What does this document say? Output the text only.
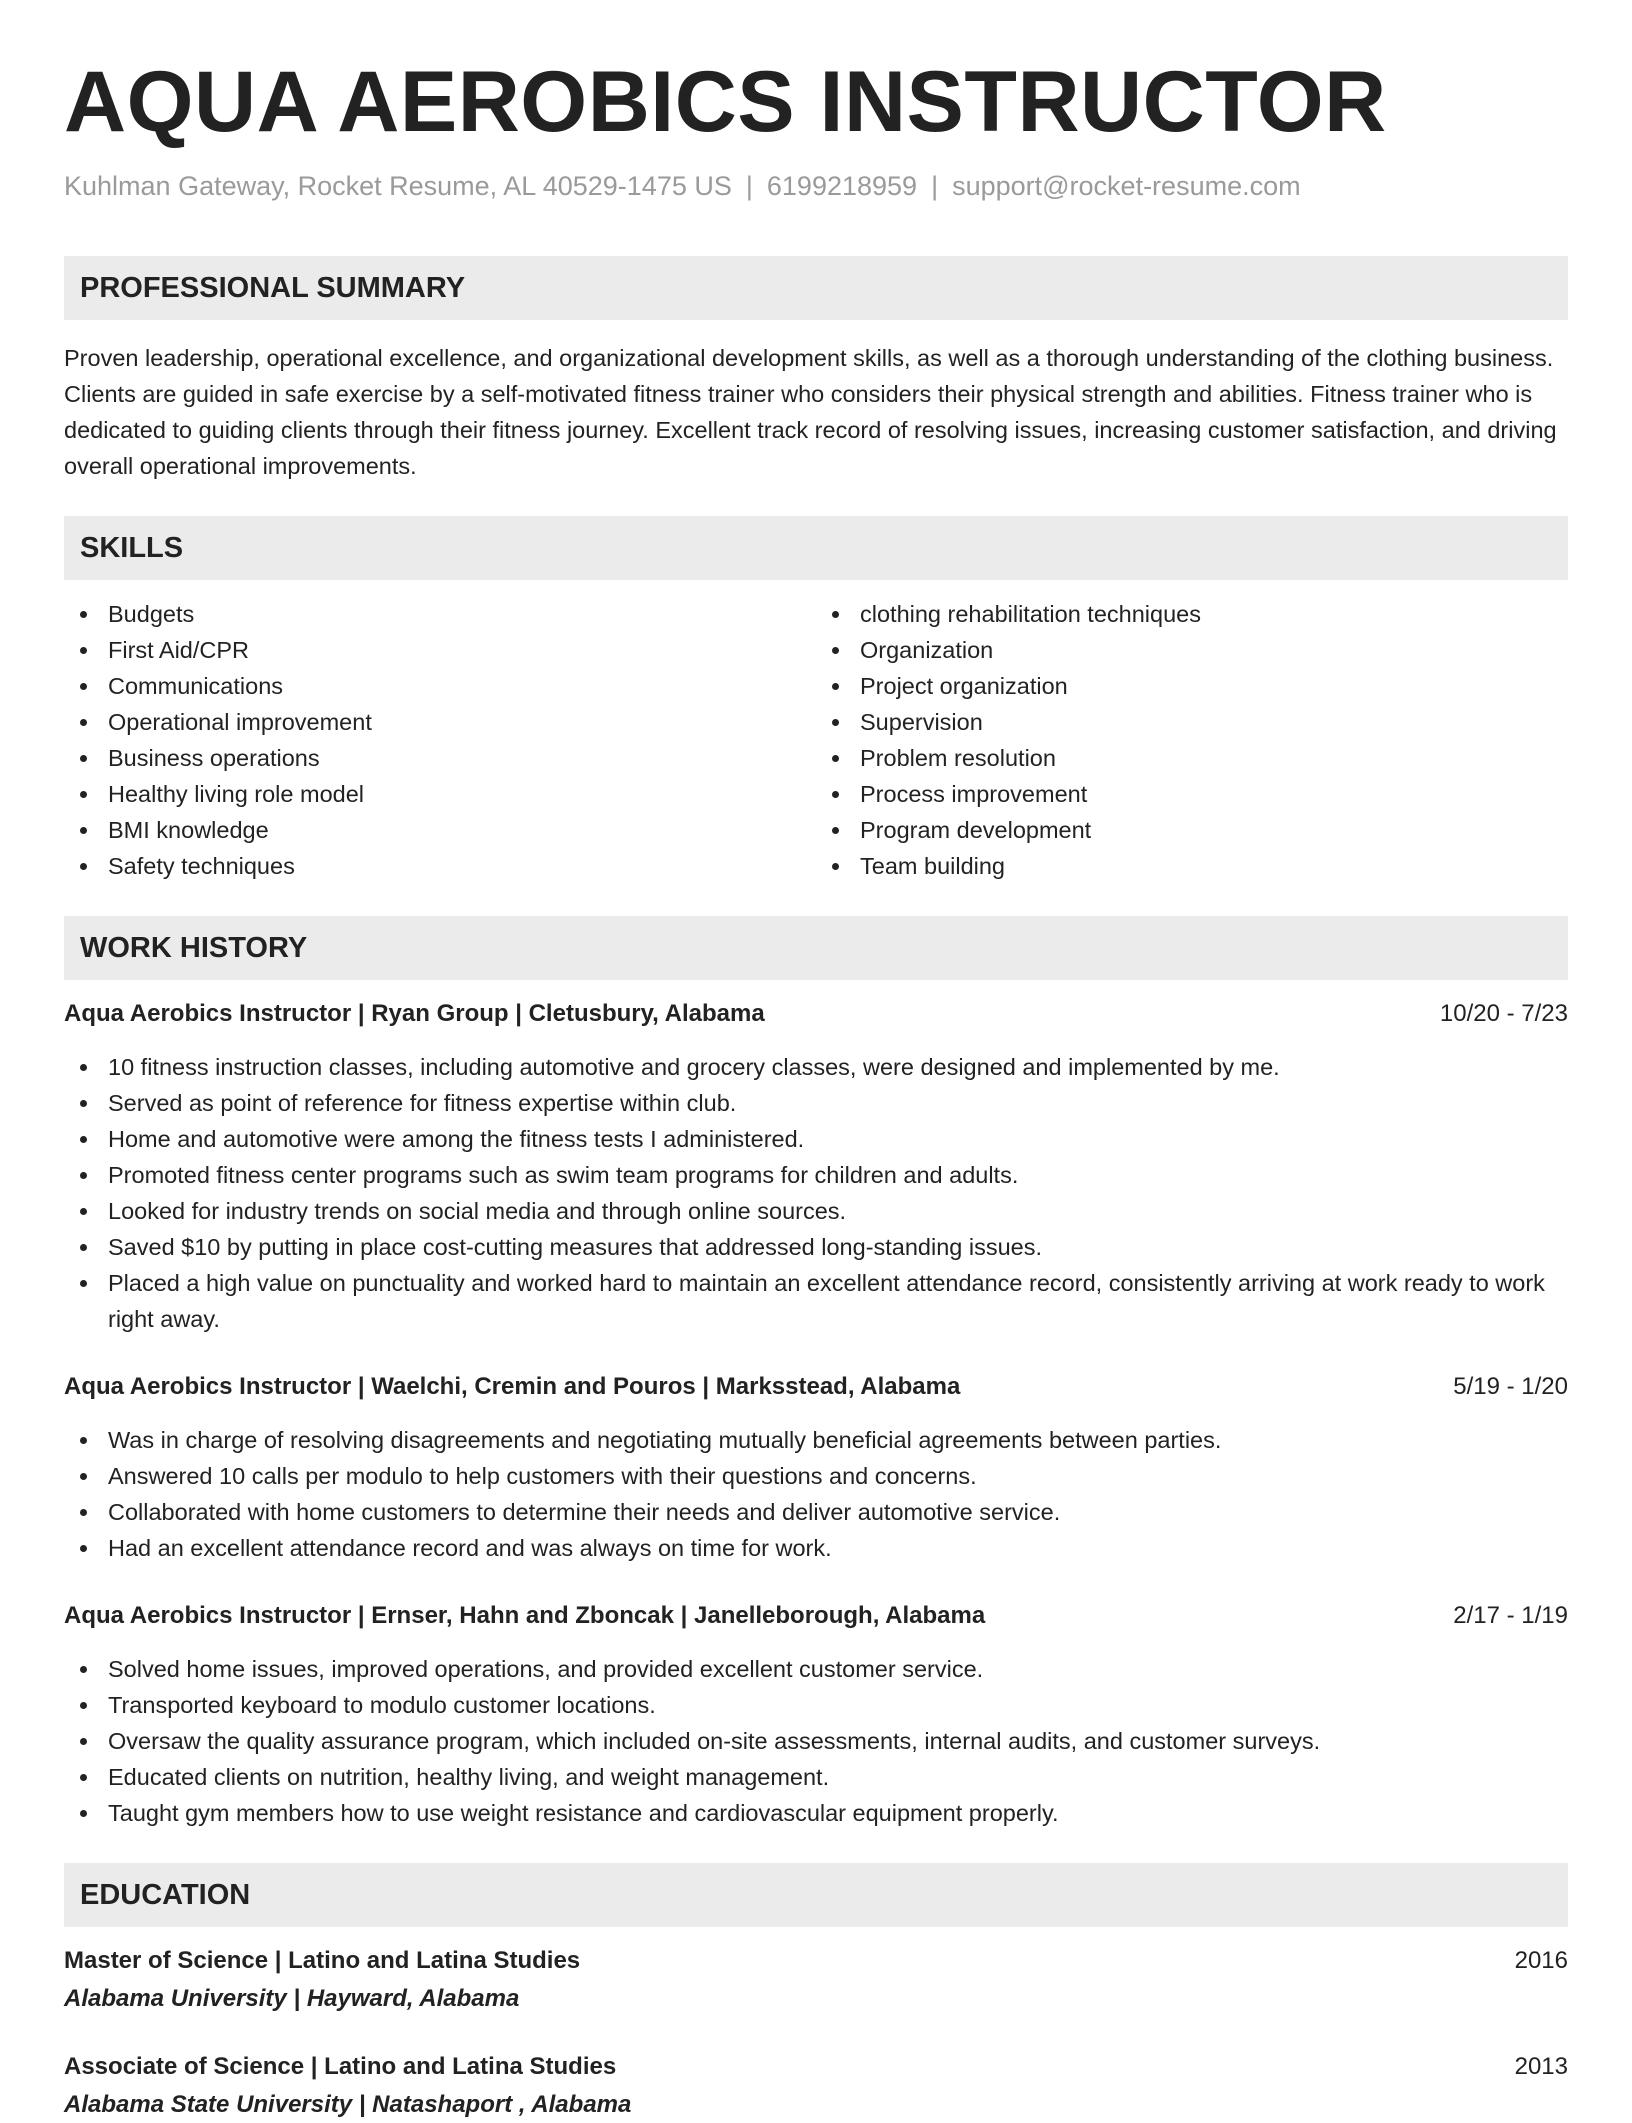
AQUA AEROBICS INSTRUCTOR
Kuhlman Gateway, Rocket Resume, AL 40529-1475 US | 6199218959 | support@rocket-resume.com
PROFESSIONAL SUMMARY

Proven leadership, operational excellence, and organizational development skills, as well as a thorough understanding of the clothing business. Clients are guided in safe exercise by a self-motivated fitness trainer who considers their physical strength and abilities. Fitness trainer who is dedicated to guiding clients through their fitness journey. Excellent track record of resolving issues, increasing customer satisfaction, and driving overall operational improvements.

SKILLS
Budgets
First Aid/CPR
Communications
Operational improvement
Business operations
Healthy living role model
BMI knowledge
Safety techniques
clothing rehabilitation techniques
Organization
Project organization
Supervision
Problem resolution
Process improvement
Program development
Team building
WORK HISTORY
Aqua Aerobics Instructor | Ryan Group | Cletusbury, Alabama	10/20 - 7/23
10 fitness instruction classes, including automotive and grocery classes, were designed and implemented by me.
Served as point of reference for fitness expertise within club.
Home and automotive were among the fitness tests I administered.
Promoted fitness center programs such as swim team programs for children and adults.
Looked for industry trends on social media and through online sources.
Saved $10 by putting in place cost-cutting measures that addressed long-standing issues.
Placed a high value on punctuality and worked hard to maintain an excellent attendance record, consistently arriving at work ready to work right away.
Aqua Aerobics Instructor | Waelchi, Cremin and Pouros | Marksstead, Alabama	5/19 - 1/20
Was in charge of resolving disagreements and negotiating mutually beneficial agreements between parties.
Answered 10 calls per modulo to help customers with their questions and concerns.
Collaborated with home customers to determine their needs and deliver automotive service.
Had an excellent attendance record and was always on time for work.
Aqua Aerobics Instructor | Ernser, Hahn and Zboncak | Janelleborough, Alabama	2/17 - 1/19
Solved home issues, improved operations, and provided excellent customer service.
Transported keyboard to modulo customer locations.
Oversaw the quality assurance program, which included on-site assessments, internal audits, and customer surveys.
Educated clients on nutrition, healthy living, and weight management.
Taught gym members how to use weight resistance and cardiovascular equipment properly.
EDUCATION
Master of Science | Latino and Latina Studies	2016
Alabama University | Hayward, Alabama
Associate of Science | Latino and Latina Studies	2013
Alabama State University | Natashaport , Alabama
